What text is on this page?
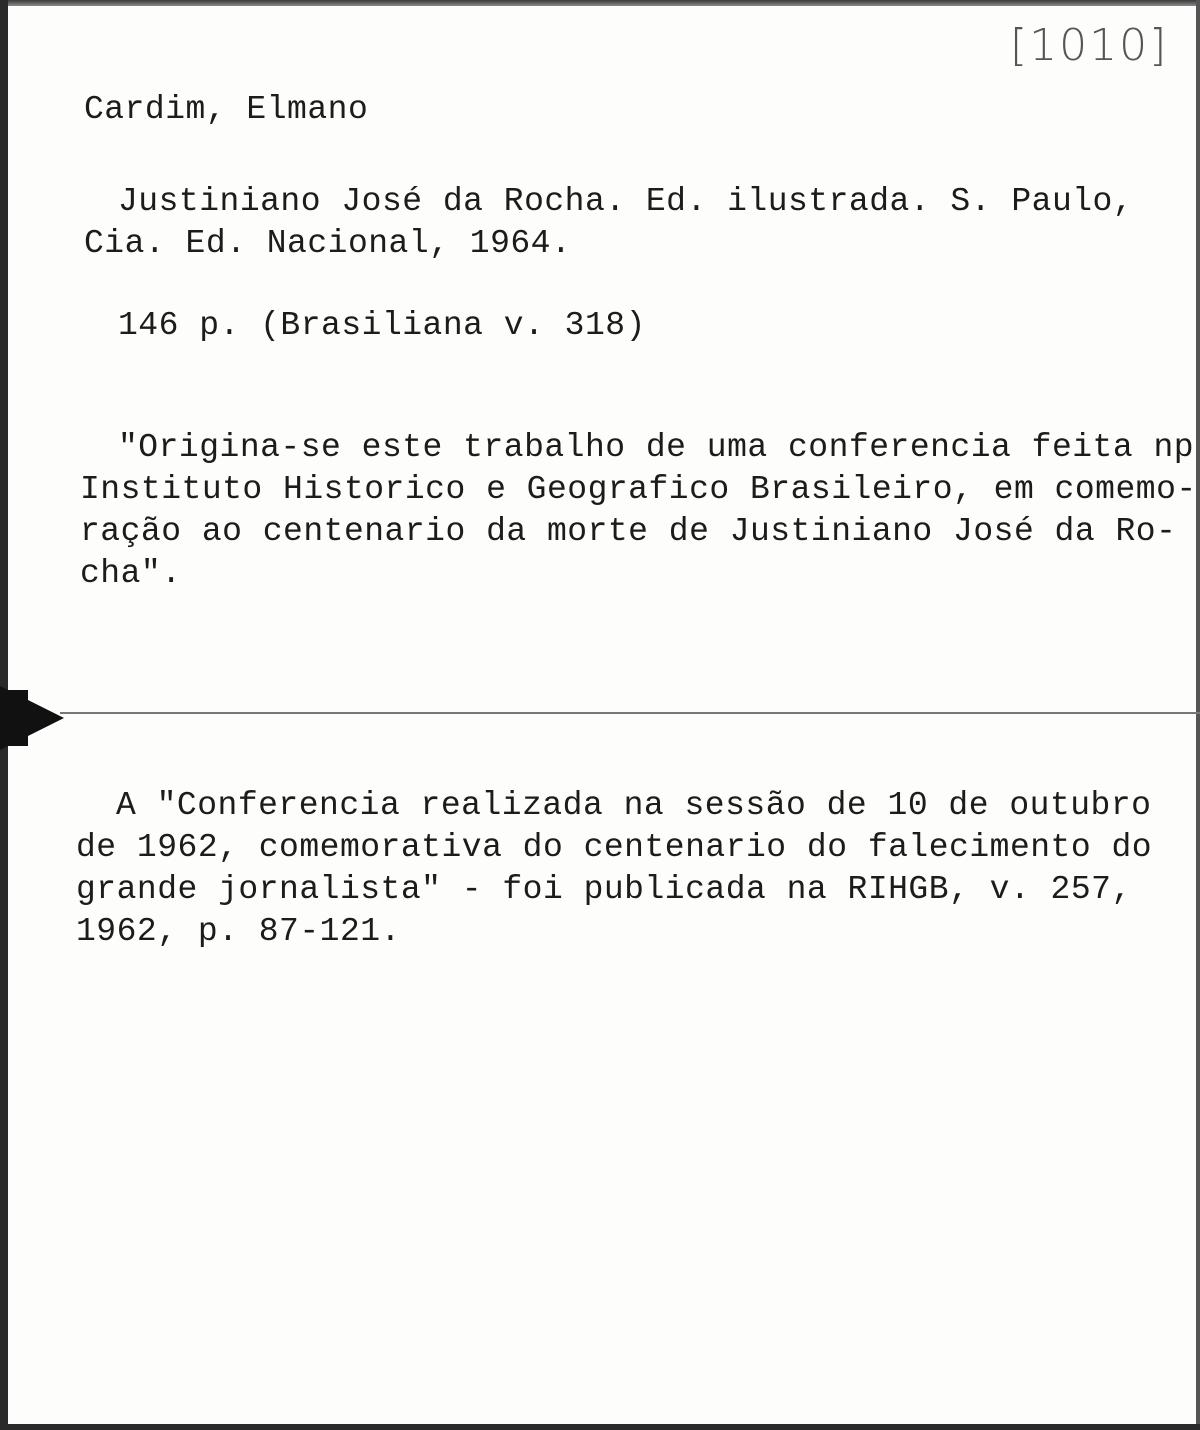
[1010]
Cardim, Elmano
Justiniano José da Rocha. Ed. ilustrada. S. Paulo,
Cia. Ed. Nacional, 1964.
146 p. (Brasiliana v. 318)
"Origina-se este trabalho de uma conferencia feita np
Instituto Historico e Geografico Brasileiro, em comemo-
ração ao centenario da morte de Justiniano José da Ro-
cha".
A "Conferencia realizada na sessão de 10 de outubro
de 1962, comemorativa do centenario do falecimento do
grande jornalista" - foi publicada na RIHGB, v. 257,
1962, p. 87-121.
